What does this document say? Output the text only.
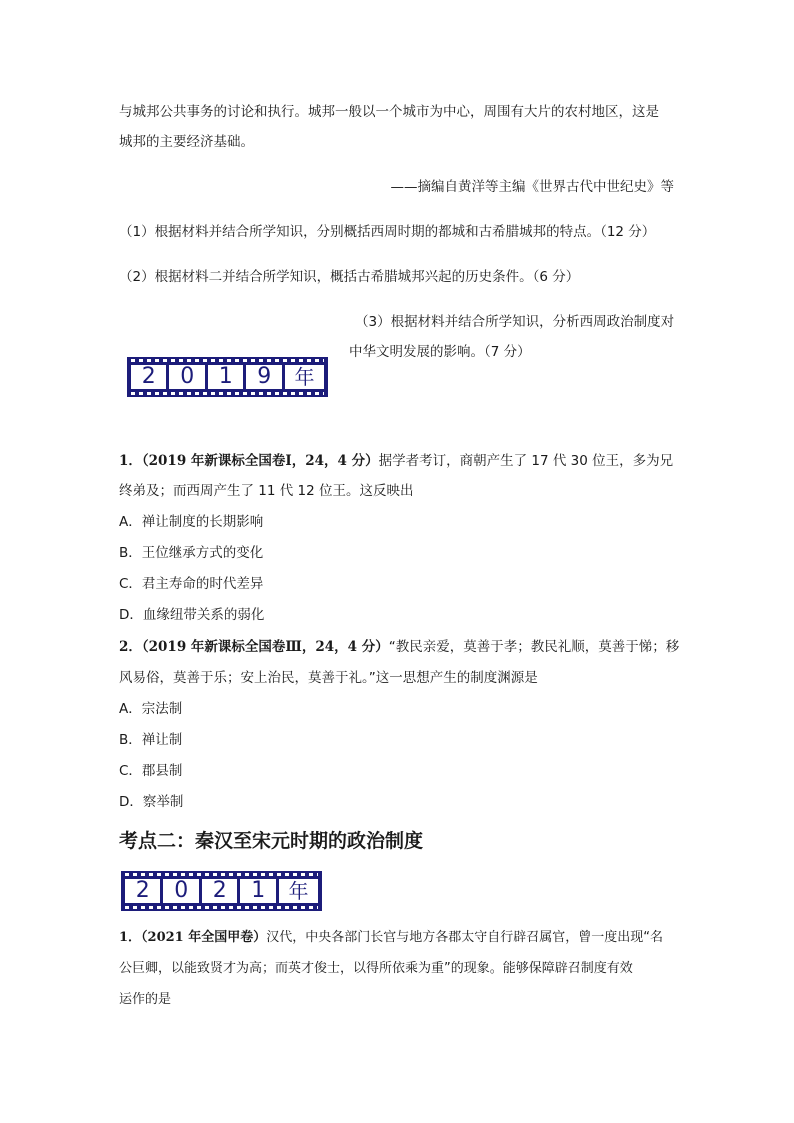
与城邦公共事务的讨论和执行。城邦一般以一个城市为中心，周围有大片的农村地区，这是
城邦的主要经济基础。
——摘编自黄洋等主编《世界古代中世纪史》等
（1）根据材料并结合所学知识，分别概括西周时期的都城和古希腊城邦的特点。（12 分）
（2）根据材料二并结合所学知识，概括古希腊城邦兴起的历史条件。（6 分）
（3）根据材料并结合所学知识，分析西周政治制度对
中华文明发展的影响。（7 分）
2	0	1	9	年
1．（2019 年新课标全国卷Ⅰ，24，4 分）据学者考订，商朝产生了 17 代 30 位王，多为兄
终弟及；而西周产生了 11 代 12 位王。这反映出
A．禅让制度的长期影响
B．王位继承方式的变化
C．君主寿命的时代差异
D．血缘纽带关系的弱化
2．（2019 年新课标全国卷Ⅲ，24，4 分）“教民亲爱，莫善于孝；教民礼顺，莫善于悌；移
风易俗，莫善于乐；安上治民，莫善于礼。”这一思想产生的制度渊源是
A．宗法制
B．禅让制
C．郡县制
D．察举制
考点二：秦汉至宋元时期的政治制度
2	0	2	1	年
1．（2021 年全国甲卷）汉代，中央各部门长官与地方各郡太守自行辟召属官，曾一度出现“名
公巨卿，以能致贤才为高；而英才俊士，以得所依乘为重”的现象。能够保障辟召制度有效
运作的是
